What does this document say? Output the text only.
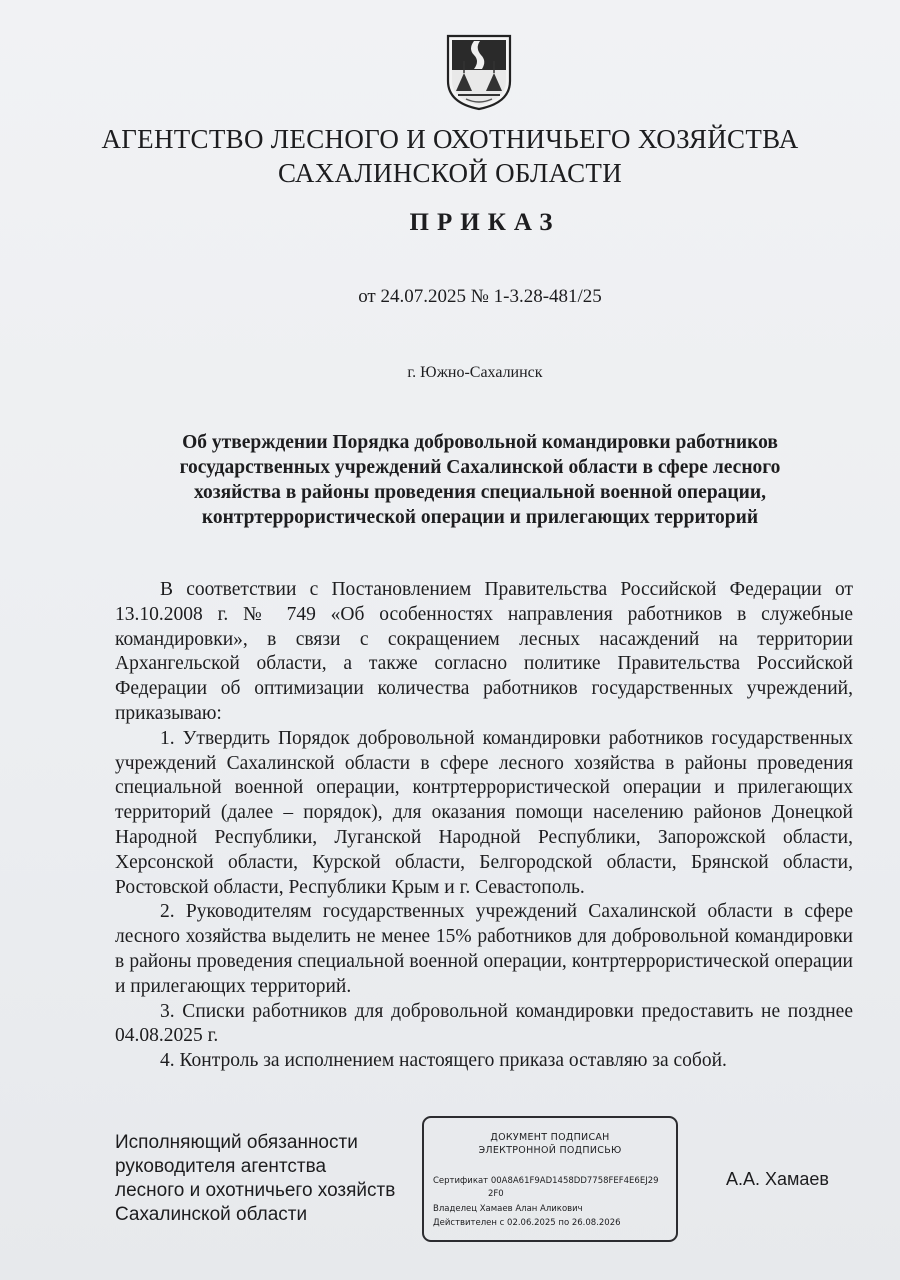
АГЕНТСТВО ЛЕСНОГО И ОХОТНИЧЬЕГО ХОЗЯЙСТВА
САХАЛИНСКОЙ ОБЛАСТИ
ПРИКАЗ
от 24.07.2025 № 1-3.28-481/25
г. Южно-Сахалинск
Об утверждении Порядка добровольной командировки работников
государственных учреждений Сахалинской области в сфере лесного
хозяйства в районы проведения специальной военной операции,
контртеррористической операции и прилегающих территорий

В соответствии с Постановлением Правительства Российской Федерации от 13.10.2008 г. № 749 «Об особенностях направления работников в служебные командировки», в связи с сокращением лесных насаждений на территории Архангельской области, а также согласно политике Правительства Российской Федерации об оптимизации количества работников государственных учреждений, приказываю:

1. Утвердить Порядок добровольной командировки работников государственных учреждений Сахалинской области в сфере лесного хозяйства в районы проведения специальной военной операции, контртеррористической операции и прилегающих территорий (далее – порядок), для оказания помощи населению районов Донецкой Народной Республики, Луганской Народной Республики, Запорожской области, Херсонской области, Курской области, Белгородской области, Брянской области, Ростовской области, Республики Крым и г. Севастополь.

2. Руководителям государственных учреждений Сахалинской области в сфере лесного хозяйства выделить не менее 15% работников для добровольной командировки в районы проведения специальной военной операции, контртеррористической операции и прилегающих территорий.

3. Списки работников для добровольной командировки предоставить не позднее 04.08.2025 г.

4. Контроль за исполнением настоящего приказа оставляю за собой.

Исполняющий обязанности
руководителя агентства
лесного и охотничьего хозяйств
Сахалинской области
ДОКУМЕНТ ПОДПИСАН
ЭЛЕКТРОННОЙ ПОДПИСЬЮ
Сертификат 00A8A61F9AD1458DD7758FEF4E6EJ29
2F0
Владелец Хамаев Алан Аликович
Действителен с 02.06.2025 по 26.08.2026
А.А. Хамаев
